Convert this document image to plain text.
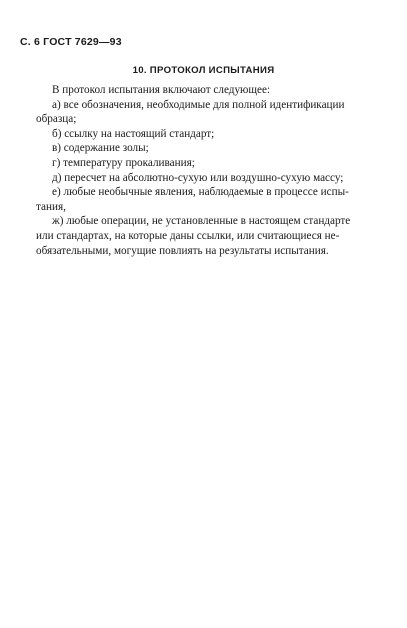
С. 6 ГОСТ 7629—93
10. ПРОТОКОЛ ИСПЫТАНИЯ
В протокол испытания включают следующее:
а) все обозначения, необходимые для полной идентификации
образца;
б) ссылку на настоящий стандарт;
в) содержание золы;
г) температуру прокаливания;
д) пересчет на абсолютно-сухую или воздушно-сухую массу;
е) любые необычные явления, наблюдаемые в процессе испы-
тания,
ж) любые операции, не установленные в настоящем стандарте
или стандартах, на которые даны ссылки, или считающиеся не-
обязательными, могущие повлиять на результаты испытания.
